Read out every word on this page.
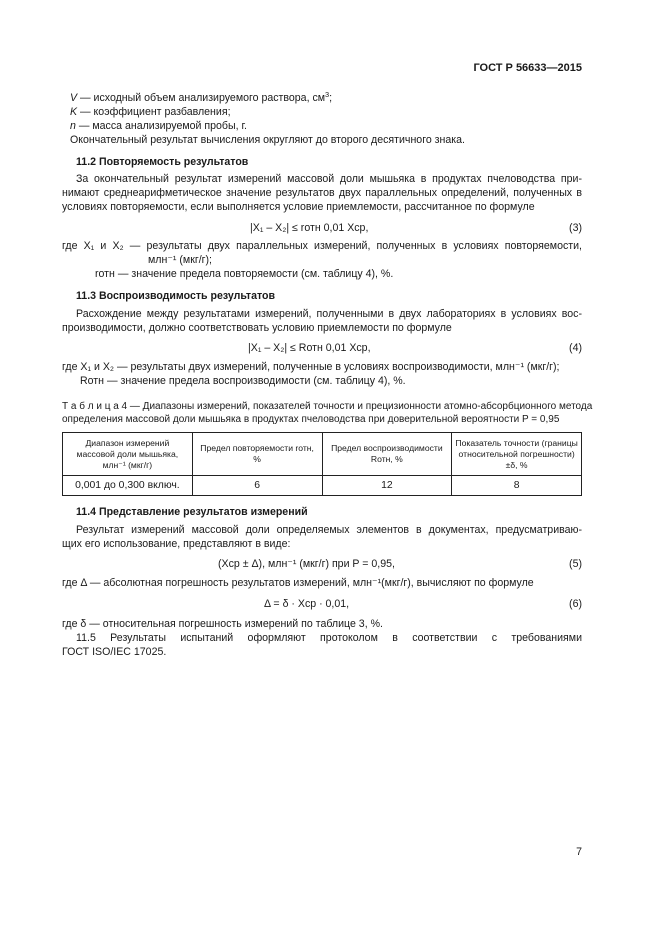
ГОСТ Р 56633—2015
V — исходный объем анализируемого раствора, $см^3$;
K — коэффициент разбавления;
n — масса анализируемой пробы, г.
Окончательный результат вычисления округляют до второго десятичного знака.
11.2 Повторяемость результатов
За окончательный результат измерений массовой доли мышьяка в продуктах пчеловодства при-
нимают среднеарифметическое значение результатов двух параллельных определений, полученных в
условиях повторяемости, если выполняется условие приемлемости, рассчитанное по формуле
|X₁ – X₂| ≤ rотн 0,01 Xср,	(3)
где X₁ и X₂ — результаты двух параллельных измерений, полученных в условиях повторяемости,
млн⁻¹ (мкг/г);
rотн — значение предела повторяемости (см. таблицу 4), %.
11.3 Воспроизводимость результатов
Расхождение между результатами измерений, полученными в двух лабораториях в условиях вос-
производимости, должно соответствовать условию приемлемости по формуле
|X₁ – X₂| ≤ Rотн 0,01 Xср,	(4)
где X₁ и X₂ — результаты двух измерений, полученные в условиях воспроизводимости, млн⁻¹ (мкг/г);
Rотн — значение предела воспроизводимости (см. таблицу 4), %.
Т а б л и ц а 4 — Диапазоны измерений, показателей точности и прецизионности атомно-абсорбционного метода
определения массовой доли мышьяка в продуктах пчеловодства при доверительной вероятности P = 0,95
Диапазон измерений массовой доли мышьяка, млн⁻¹ (мкг/г)	Предел повторяемости rотн, %	Предел воспроизводимости Rотн, %	Показатель точности (границы относительной погрешности) ±δ, %
0,001 до 0,300 включ.	6	12	8
11.4 Представление результатов измерений
Результат измерений массовой доли определяемых элементов в документах, предусматриваю-
щих его использование, представляют в виде:
(Xср ± Δ), млн⁻¹ (мкг/г) при P = 0,95,	(5)
где Δ — абсолютная погрешность результатов измерений, млн⁻¹(мкг/г), вычисляют по формуле
Δ = δ · Xср · 0,01,	(6)
где δ — относительная погрешность измерений по таблице 3, %.
11.5 Результаты испытаний оформляют протоколом в соответствии с требованиями
ГОСТ ISO/IEC 17025.
7
